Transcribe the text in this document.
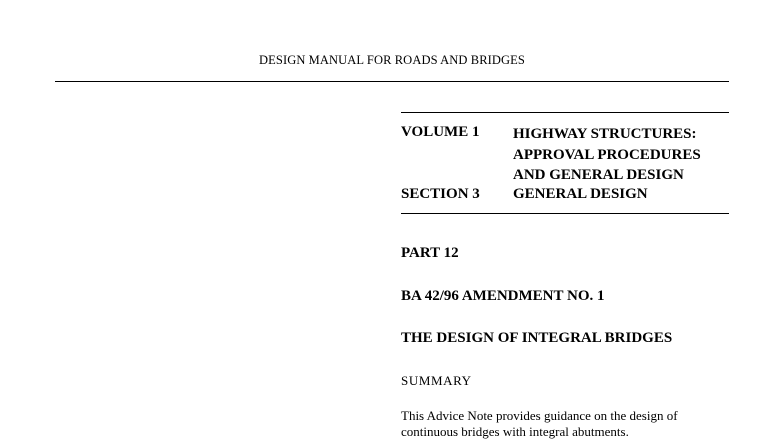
DESIGN MANUAL FOR ROADS AND BRIDGES
VOLUME 1 HIGHWAY STRUCTURES:
APPROVAL PROCEDURES
AND GENERAL DESIGN
SECTION 3 GENERAL DESIGN
PART 12
BA 42/96 AMENDMENT NO. 1
THE DESIGN OF INTEGRAL BRIDGES
SUMMARY
This Advice Note provides guidance on the design of
continuous bridges with integral abutments.
